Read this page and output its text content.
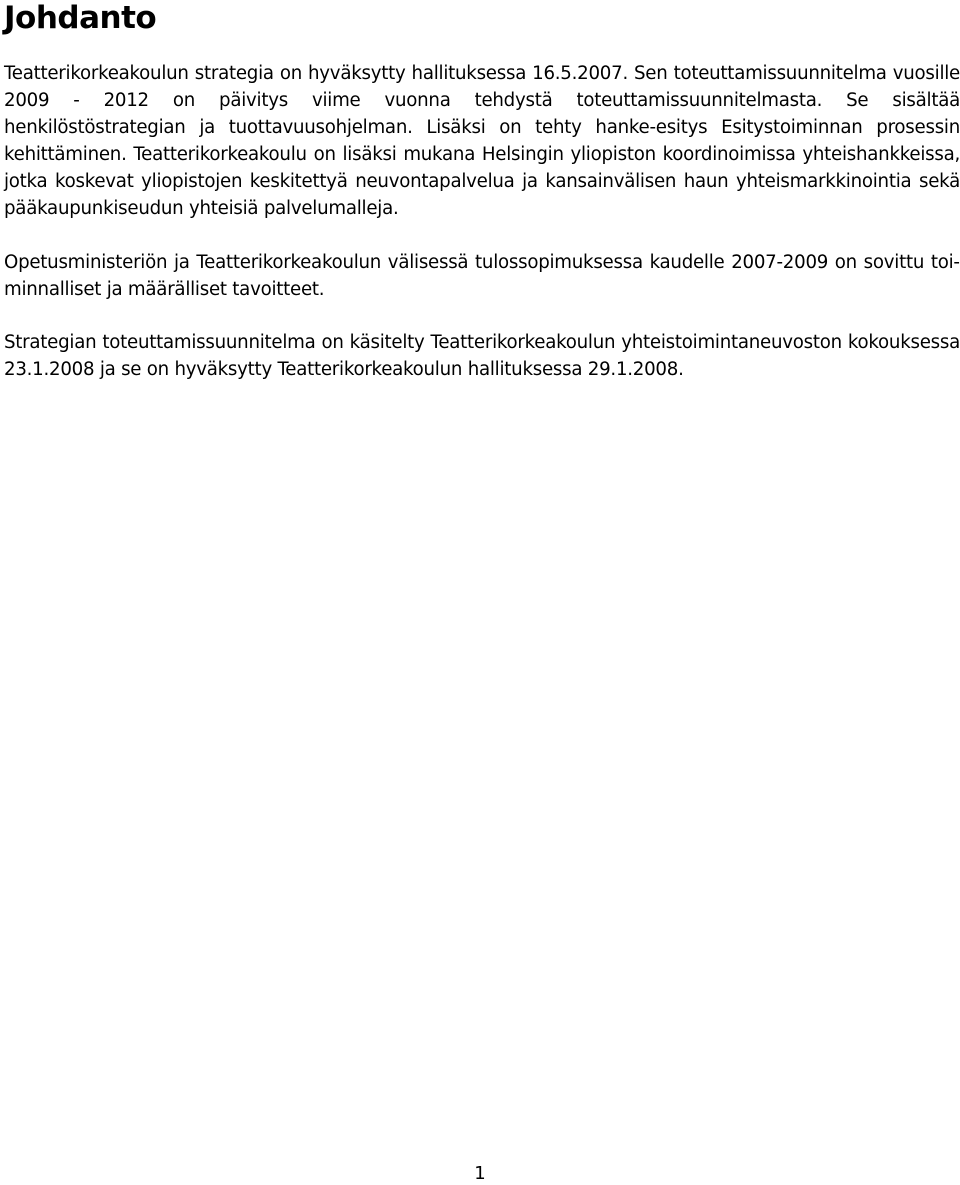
Johdanto

Teatterikorkeakoulun strategia on hyväksytty hallituksessa 16.5.2007. Sen toteuttamissuunnitelma vuosille 2009 - 2012 on päivitys viime vuonna tehdystä toteuttamissuunnitelmasta. Se sisältää henkilöstöstrategian ja tuottavuusohjelman. Lisäksi on tehty hanke-esitys Esitystoiminnan prosessin kehittäminen. Teatterikorkeakoulu on lisäksi mukana Helsingin yliopiston koordinoimissa yhteishankkeissa, jotka koskevat yliopistojen keskitettyä neuvontapalvelua ja kansainvälisen haun yhteismarkkinointia sekä pääkaupunkiseudun yhteisiä palvelumalleja.

Opetusministeriön ja Teatterikorkeakoulun välisessä tulossopimuksessa kaudelle 2007-2009 on sovittu toiminnalliset ja määrälliset tavoitteet.

Strategian toteuttamissuunnitelma on käsitelty Teatterikorkeakoulun yhteistoimintaneuvoston kokouksessa 23.1.2008 ja se on hyväksytty Teatterikorkeakoulun hallituksessa 29.1.2008.

1
